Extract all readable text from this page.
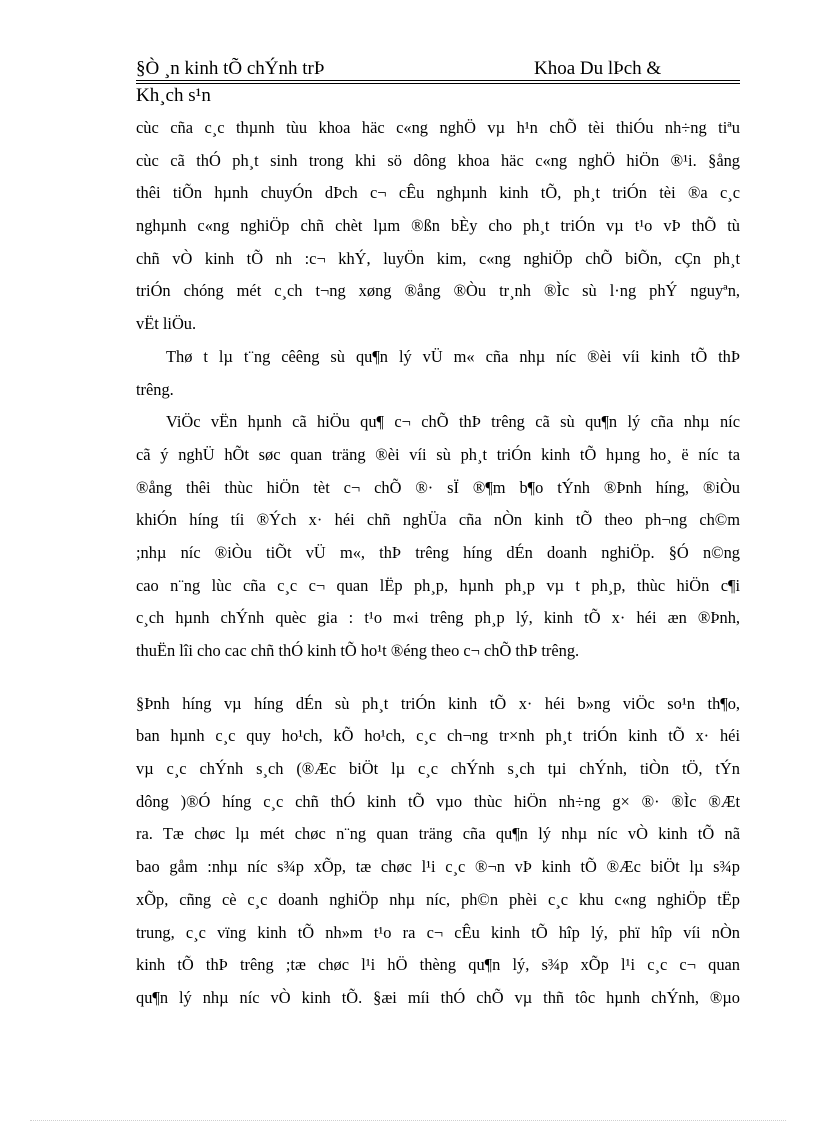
§Ò ¸n kinh tÕ chÝnh trÞ	Khoa Du lÞch &
Kh¸ch s¹n
cùc cña c¸c thµnh tùu khoa häc c«ng nghÖ vµ h¹n chÕ tèi thiÓu nh÷ng tiªu
cùc cã thÓ ph¸t sinh trong khi sö dông khoa häc c«ng nghÖ hiÖn ®¹i. §ång
thêi tiÕn hµnh chuyÓn dÞch c¬ cÊu nghµnh kinh tÕ, ph¸t triÓn tèi ®a c¸c
nghµnh c«ng nghiÖp chñ chèt lµm ®ßn bÈy cho ph¸t triÓn vµ t¹o vÞ thÕ tù
chñ vÒ kinh tÕ nh :c¬ khÝ, luyÖn kim, c«ng nghiÖp chÕ biÕn, cÇn ph¸t
triÓn chóng mét c¸ch t¬ng xøng ®ång ®Òu tr¸nh ®Ìc sù l·ng phÝ nguyªn,
vËt liÖu.
Thø t lµ t¨ng cêêng sù qu¶n lý vÜ m« cña nhµ níc ®èi víi kinh tÕ thÞ
trêng.
ViÖc vËn hµnh cã hiÖu qu¶ c¬ chÕ thÞ trêng cã sù qu¶n lý cña nhµ níc
cã ý nghÜ hÕt søc quan träng ®èi víi sù ph¸t triÓn kinh tÕ hµng ho¸ ë níc ta
®ång thêi thùc hiÖn tèt c¬ chÕ ®· sÏ ®¶m b¶o tÝnh ®Þnh híng, ®iÒu
khiÓn híng tíi ®Ých x· héi chñ nghÜa cña nÒn kinh tÕ theo ph¬ng ch©m
;nhµ níc ®iÒu tiÕt vÜ m«, thÞ trêng híng dÉn doanh nghiÖp. §Ó n©ng
cao n¨ng lùc cña c¸c c¬ quan lËp ph¸p, hµnh ph¸p vµ t ph¸p, thùc hiÖn c¶i
c¸ch hµnh chÝnh quèc gia : t¹o m«i trêng ph¸p lý, kinh tÕ x· héi æn ®Þnh,
thuËn lîi cho cac chñ thÓ kinh tÕ ho¹t ®éng theo c¬ chÕ thÞ trêng.
§Þnh híng vµ híng dÉn sù ph¸t triÓn kinh tÕ x· héi b»ng viÖc so¹n th¶o,
ban hµnh c¸c quy ho¹ch, kÕ ho¹ch, c¸c ch¬ng tr×nh ph¸t triÓn kinh tÕ x· héi
vµ c¸c chÝnh s¸ch (®Æc biÖt lµ c¸c chÝnh s¸ch tµi chÝnh, tiÒn tÖ, tÝn
dông )®Ó híng c¸c chñ thÓ kinh tÕ vµo thùc hiÖn nh÷ng g× ®· ®Ìc ®Æt
ra. Tæ chøc lµ mét chøc n¨ng quan träng cña qu¶n lý nhµ níc vÒ kinh tÕ nã
bao gåm :nhµ níc s¾p xÕp, tæ chøc l¹i c¸c ®¬n vÞ kinh tÕ ®Æc biÖt lµ s¾p
xÕp, cñng cè c¸c doanh nghiÖp nhµ níc, ph©n phèi c¸c khu c«ng nghiÖp tËp
trung, c¸c vïng kinh tÕ nh»m t¹o ra c¬ cÊu kinh tÕ hîp lý, phï hîp víi nÒn
kinh tÕ thÞ trêng ;tæ chøc l¹i hÖ thèng qu¶n lý, s¾p xÕp l¹i c¸c c¬ quan
qu¶n lý nhµ níc vÒ kinh tÕ. §æi míi thÓ chÕ vµ thñ tôc hµnh chÝnh, ®µo
